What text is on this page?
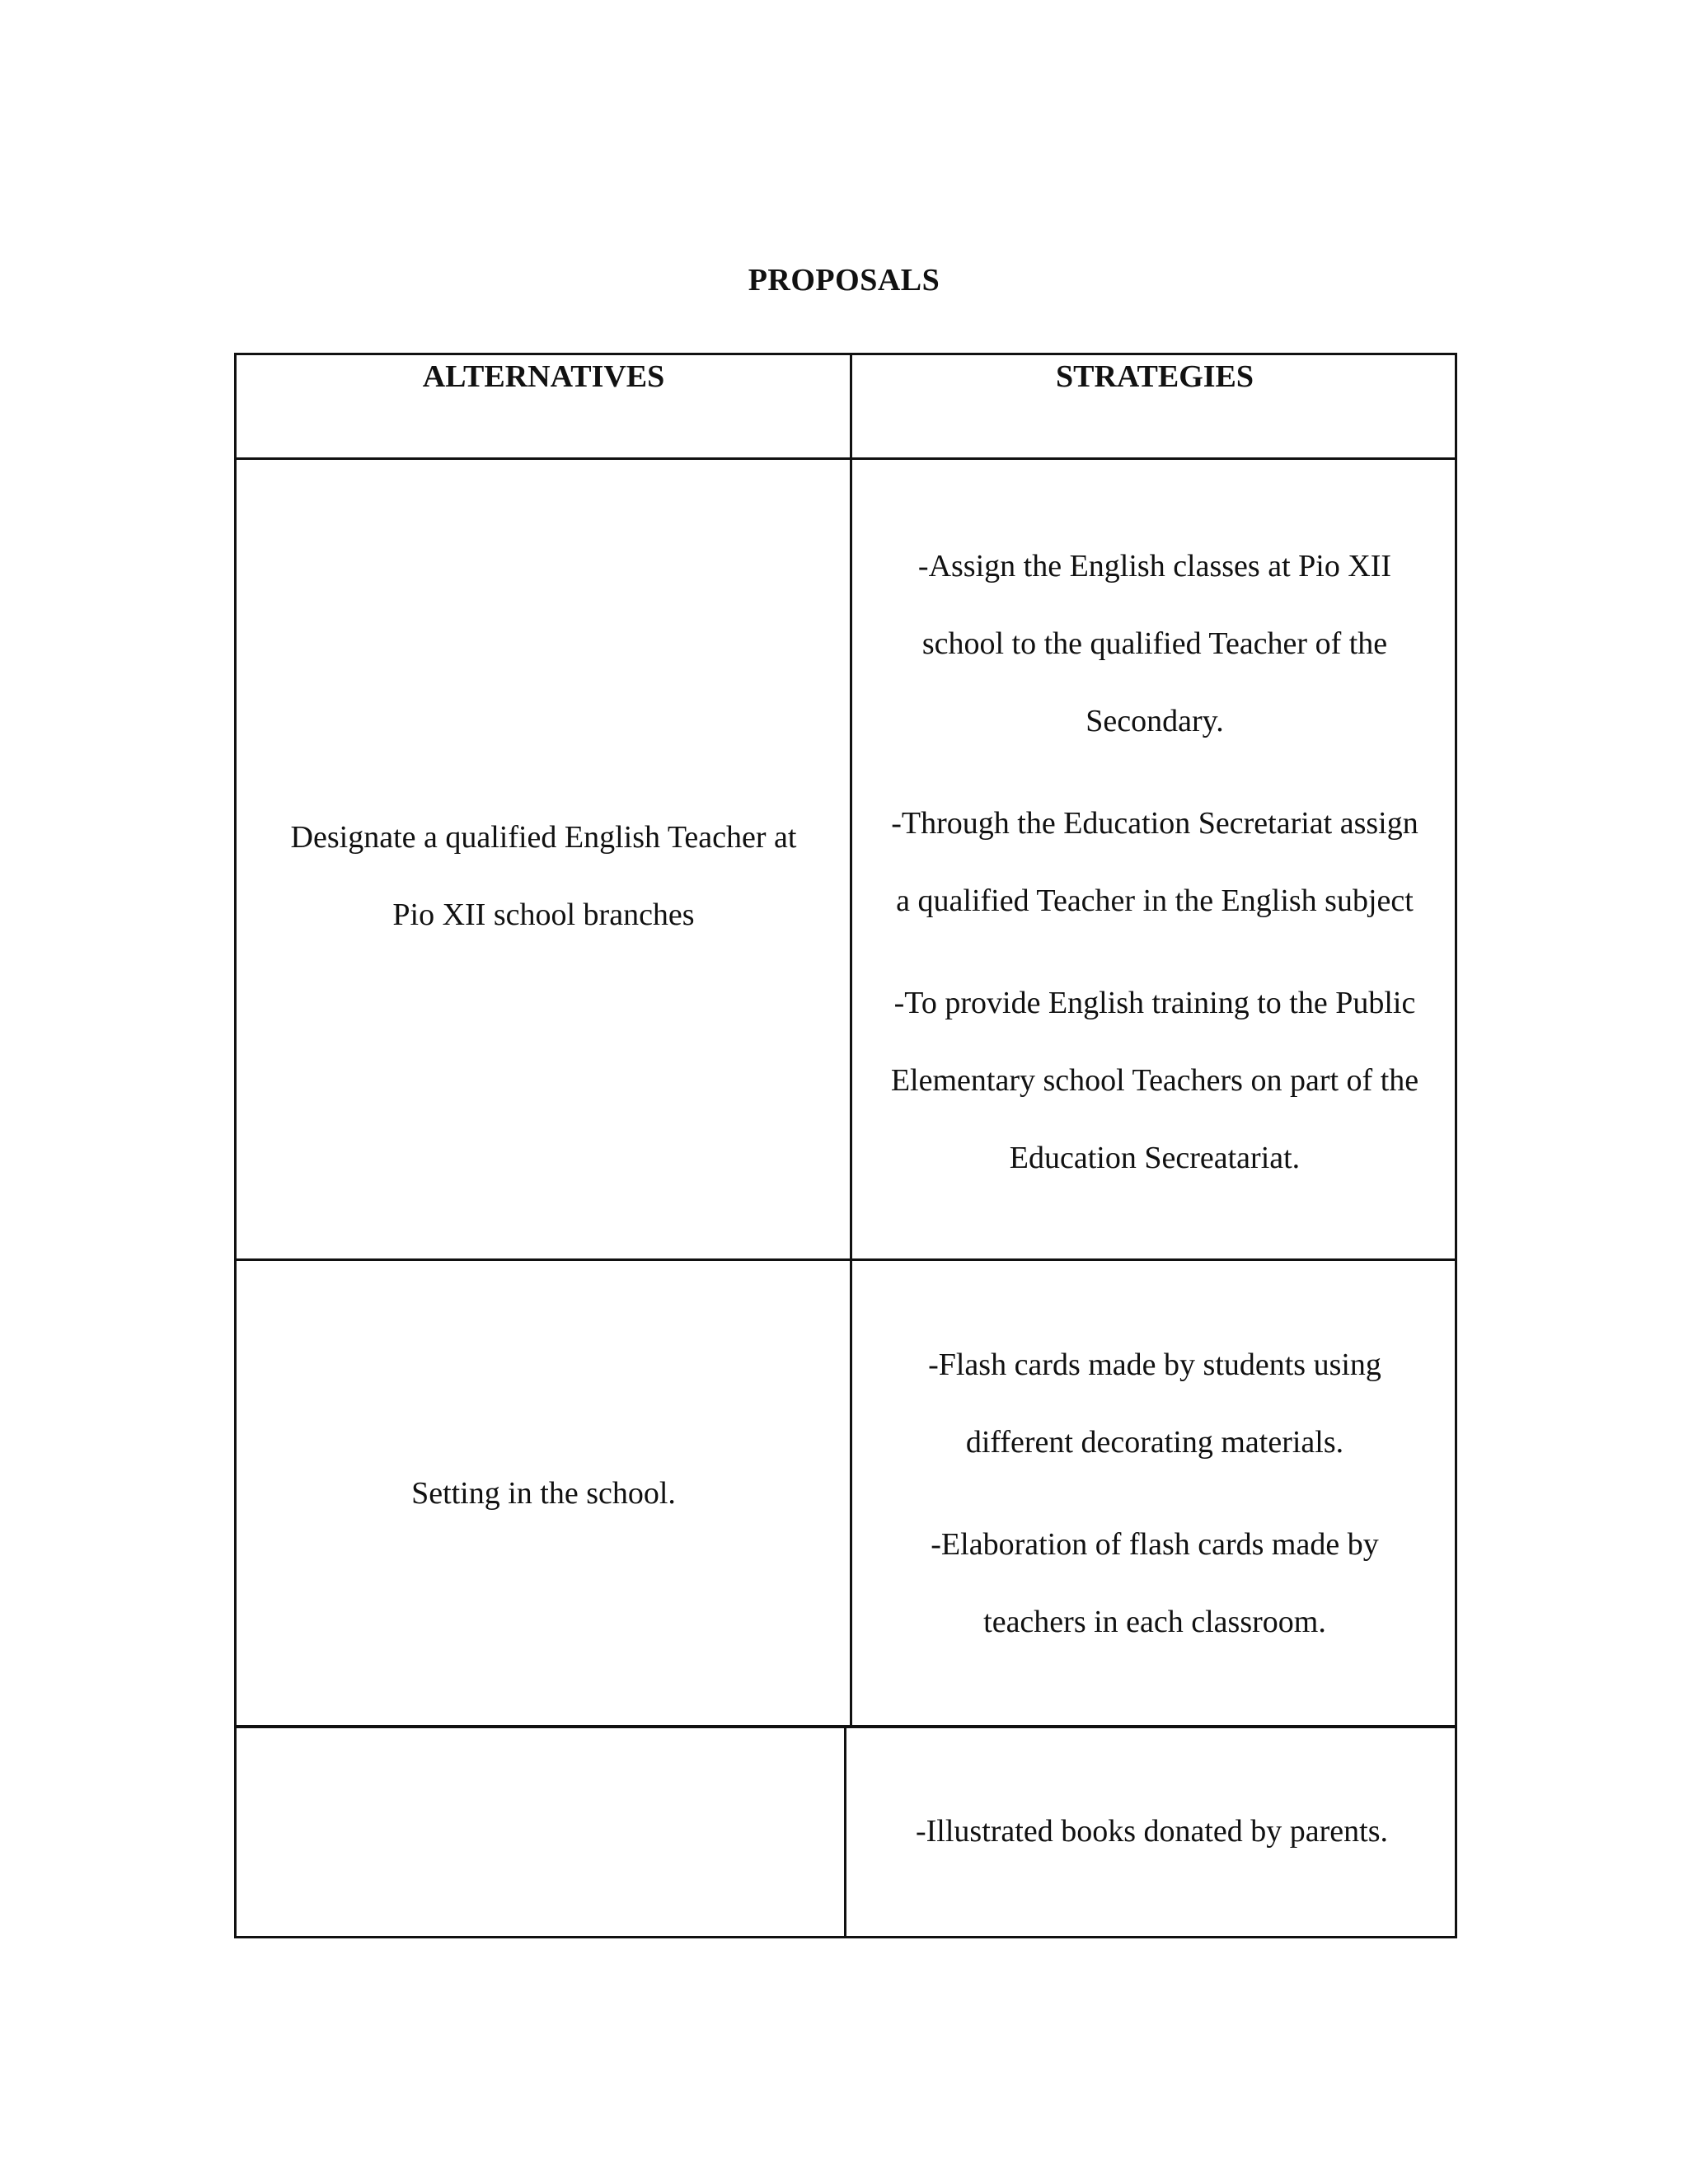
PROPOSALS
ALTERNATIVES	STRATEGIES

Designate a qualified English Teacher at

Pio XII school branches

-Assign the English classes at Pio XII
school to the qualified Teacher of the
Secondary.
-Through the Education Secretariat assign
a qualified Teacher in the English subject
-To provide English training to the Public
Elementary school Teachers on part of the
Education Secreatariat.

Setting in the school.

-Flash cards made by students using
different decorating materials.
-Elaboration of flash cards made by
teachers in each classroom.
-Illustrated books donated by parents.
